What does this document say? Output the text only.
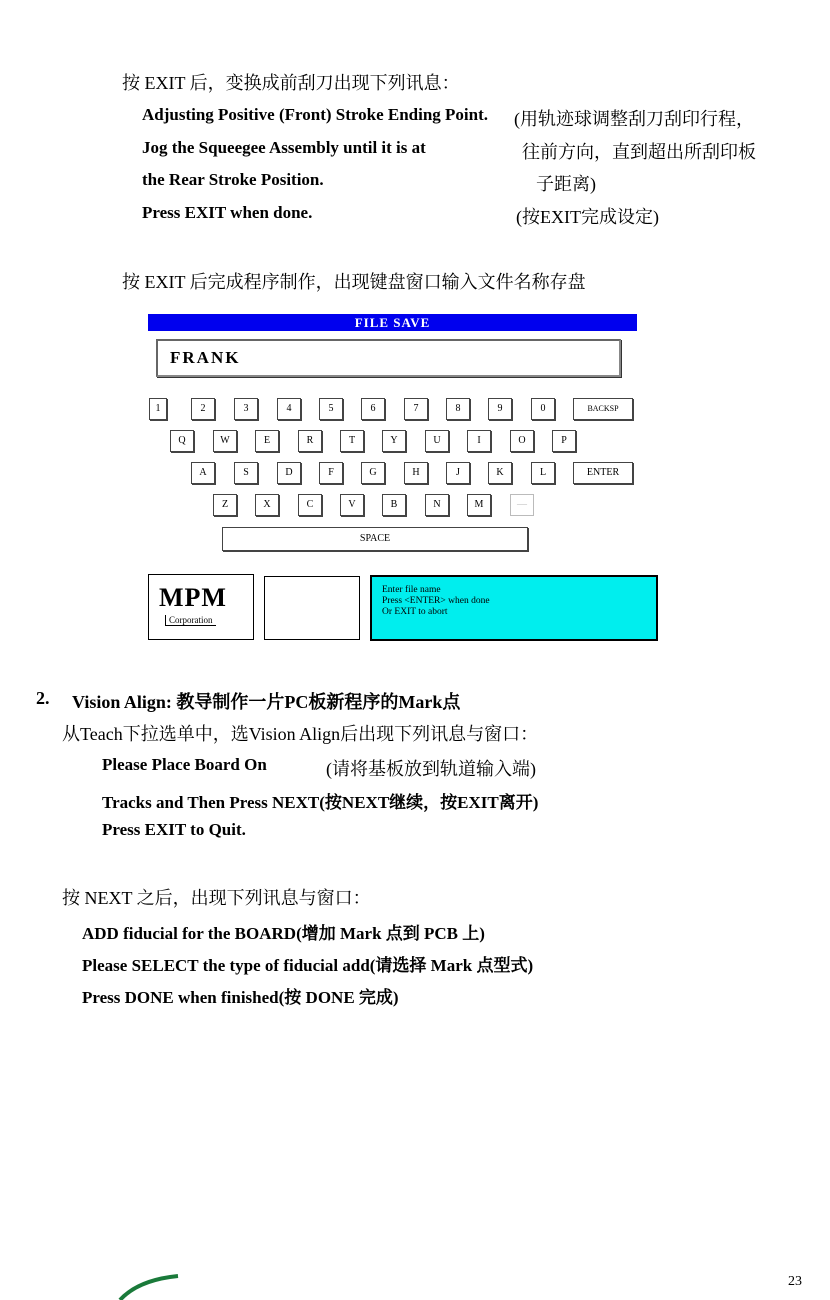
按 EXIT 后，变换成前刮刀出现下列讯息：
Adjusting Positive (Front) Stroke Ending Point.
Jog the Squeegee Assembly until it is at
the Rear Stroke Position.
Press EXIT when done.
(用轨迹球调整刮刀刮印行程，
往前方向，直到超出所刮印板
子距离)
(按EXIT完成设定)
按 EXIT 后完成程序制作，出现键盘窗口输入文件名称存盘
FILE SAVE
FRANK
1	2	3	4	5	6	7	8	9	0	BACKSP
Q	W	E	R	T	Y	U	I	O	P
A	S	D	F	G	H	J	K	L	ENTER
Z	X	C	V	B	N	M	—
SPACE
MPM
Corporation
Enter file name
Press <ENTER> when done
Or EXIT to abort
2. Vision Align: 教导制作一片PC板新程序的Mark点
从Teach下拉选单中，选Vision Align后出现下列讯息与窗口：
Please Place Board On	(请将基板放到轨道输入端)
Tracks and Then Press NEXT(按NEXT继续，按EXIT离开)
Press EXIT to Quit.
按 NEXT 之后，出现下列讯息与窗口：
ADD fiducial for the BOARD(增加 Mark 点到 PCB 上)
Please SELECT the type of fiducial add(请选择 Mark 点型式)
Press DONE when finished(按 DONE 完成)
23
